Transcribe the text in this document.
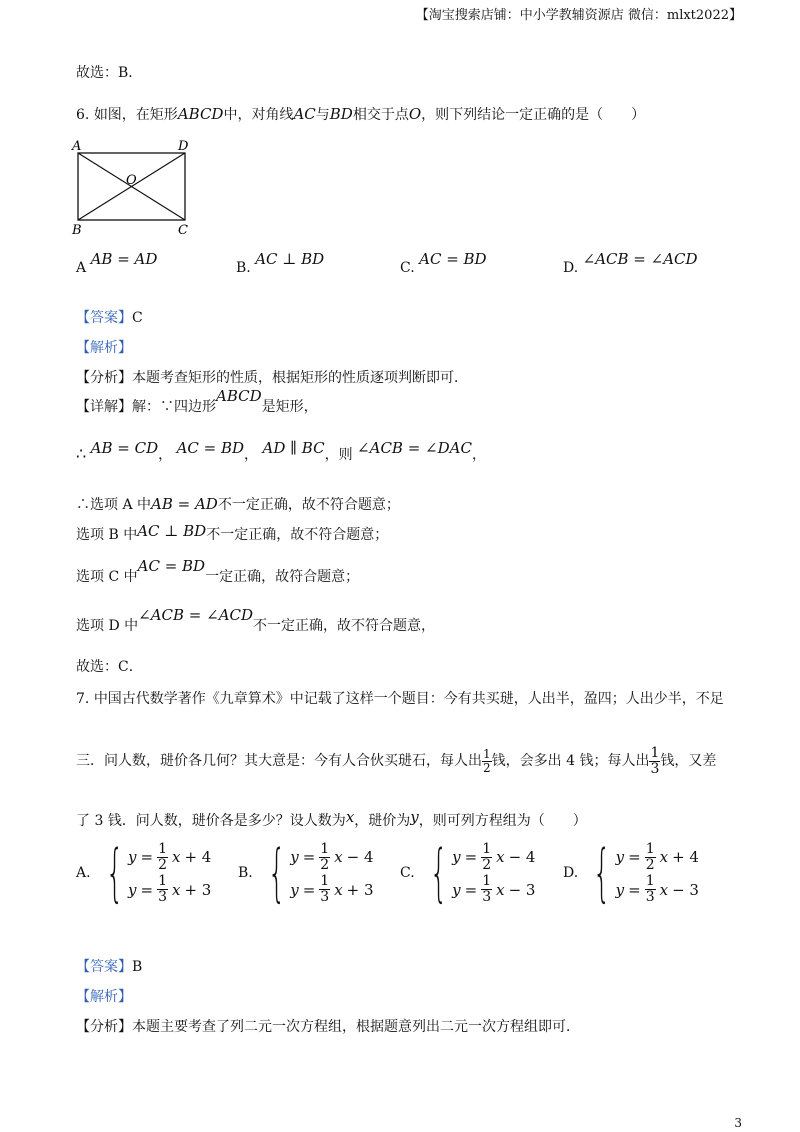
【淘宝搜索店铺：中小学教辅资源店 微信：mlxt2022】
故选：B．
6. 如图，在矩形ABCD中，对角线AC与BD相交于点O，则下列结论一定正确的是（　　）
A	D
B	C
O
A AB = AD	B. AC ⊥ BD	C. AC = BD	D. ∠ACB = ∠ACD
【答案】C
【解析】
【分析】本题考查矩形的性质，根据矩形的性质逐项判断即可．
【详解】解：∵四边形ABCD是矩形，
∴ AB = CD， AC = BD， AD ∥ BC，则 ∠ACB = ∠DAC，
∴选项 A 中AB = AD不一定正确，故不符合题意；
选项 B 中AC ⊥ BD不一定正确，故不符合题意；
选项 C 中AC = BD一定正确，故符合题意；
选项 D 中∠ACB = ∠ACD不一定正确，故不符合题意，
故选：C．
7. 中国古代数学著作《九章算术》中记载了这样一个题目：今有共买琎，人出半，盈四；人出少半，不足
三．问人数，琎价各几何？其大意是：今有人合伙买琎石，每人出 $\frac{1}{2}$ 钱，会多出 4 钱；每人出 $\frac{1}{3}$ 钱，又差
了 3 钱．问人数，琎价各是多少？设人数为x，琎价为y，则可列方程组为（　　）
A. { $y = \frac{1}{2}$ x + 4
$y = \frac{1}{3}$ x + 3
B. { $y = \frac{1}{2}$ x − 4
$y = \frac{1}{3}$ x + 3
C. { $y = \frac{1}{2}$ x − 4
$y = \frac{1}{3}$ x − 3
D. { $y = \frac{1}{2}$ x + 4
$y = \frac{1}{3}$ x − 3
【答案】B
【解析】
【分析】本题主要考查了列二元一次方程组，根据题意列出二元一次方程组即可．
3
